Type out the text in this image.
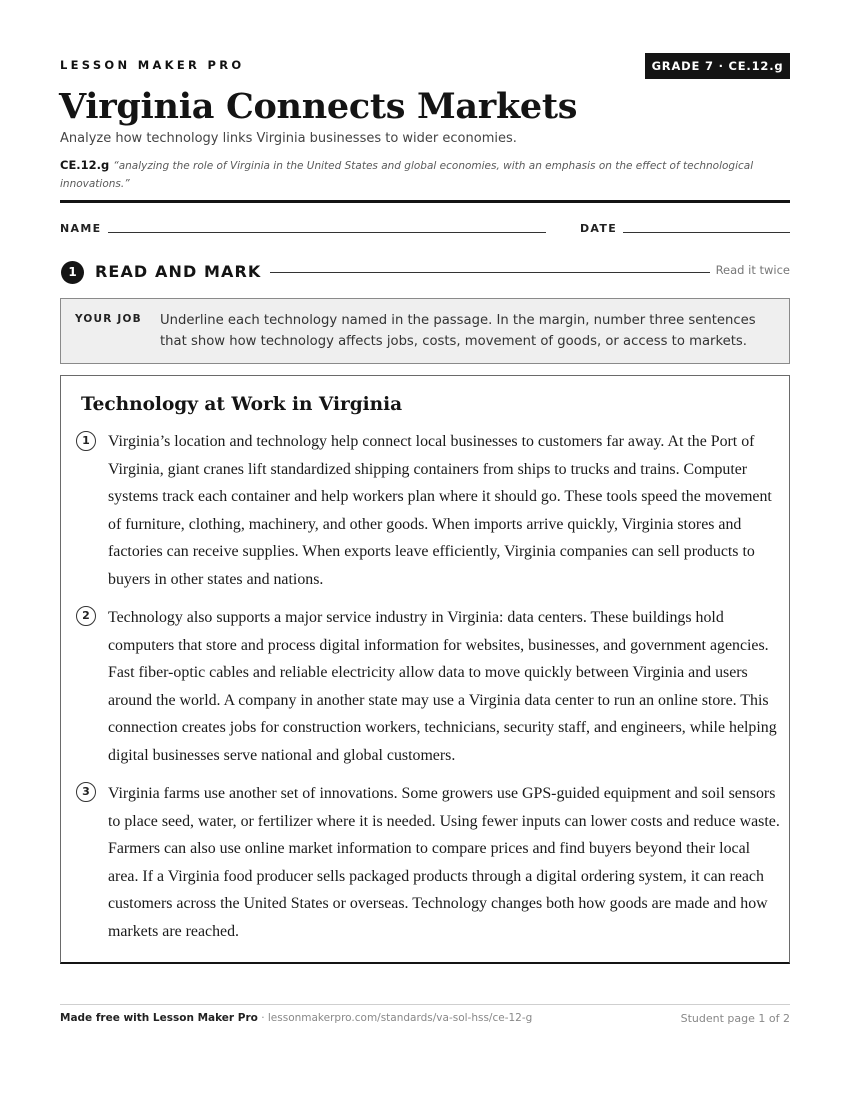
LESSON MAKER PRO	GRADE 7 · CE.12.g
Virginia Connects Markets
Analyze how technology links Virginia businesses to wider economies.
CE.12.g “analyzing the role of Virginia in the United States and global economies, with an emphasis on the effect of technological innovations.”
NAME	DATE
1	READ AND MARK	Read it twice
YOUR JOB Underline each technology named in the passage. In the margin, number three sentences that show how technology affects jobs, costs, movement of goods, or access to markets.
Technology at Work in Virginia
1	Virginia’s location and technology help connect local businesses to customers far away. At the Port of Virginia, giant cranes lift standardized shipping containers from ships to trucks and trains. Computer systems track each container and help workers plan where it should go. These tools speed the movement of furniture, clothing, machinery, and other goods. When imports arrive quickly, Virginia stores and factories can receive supplies. When exports leave efficiently, Virginia companies can sell products to buyers in other states and nations.
2	Technology also supports a major service industry in Virginia: data centers. These buildings hold computers that store and process digital information for websites, businesses, and government agencies. Fast fiber-optic cables and reliable electricity allow data to move quickly between Virginia and users around the world. A company in another state may use a Virginia data center to run an online store. This connection creates jobs for construction workers, technicians, security staff, and engineers, while helping digital businesses serve national and global customers.
3	Virginia farms use another set of innovations. Some growers use GPS-guided equipment and soil sensors to place seed, water, or fertilizer where it is needed. Using fewer inputs can lower costs and reduce waste. Farmers can also use online market information to compare prices and find buyers beyond their local area. If a Virginia food producer sells packaged products through a digital ordering system, it can reach customers across the United States or overseas. Technology changes both how goods are made and how markets are reached.
Made free with Lesson Maker Pro · lessonmakerpro.com/standards/va-sol-hss/ce-12-g	Student page 1 of 2
